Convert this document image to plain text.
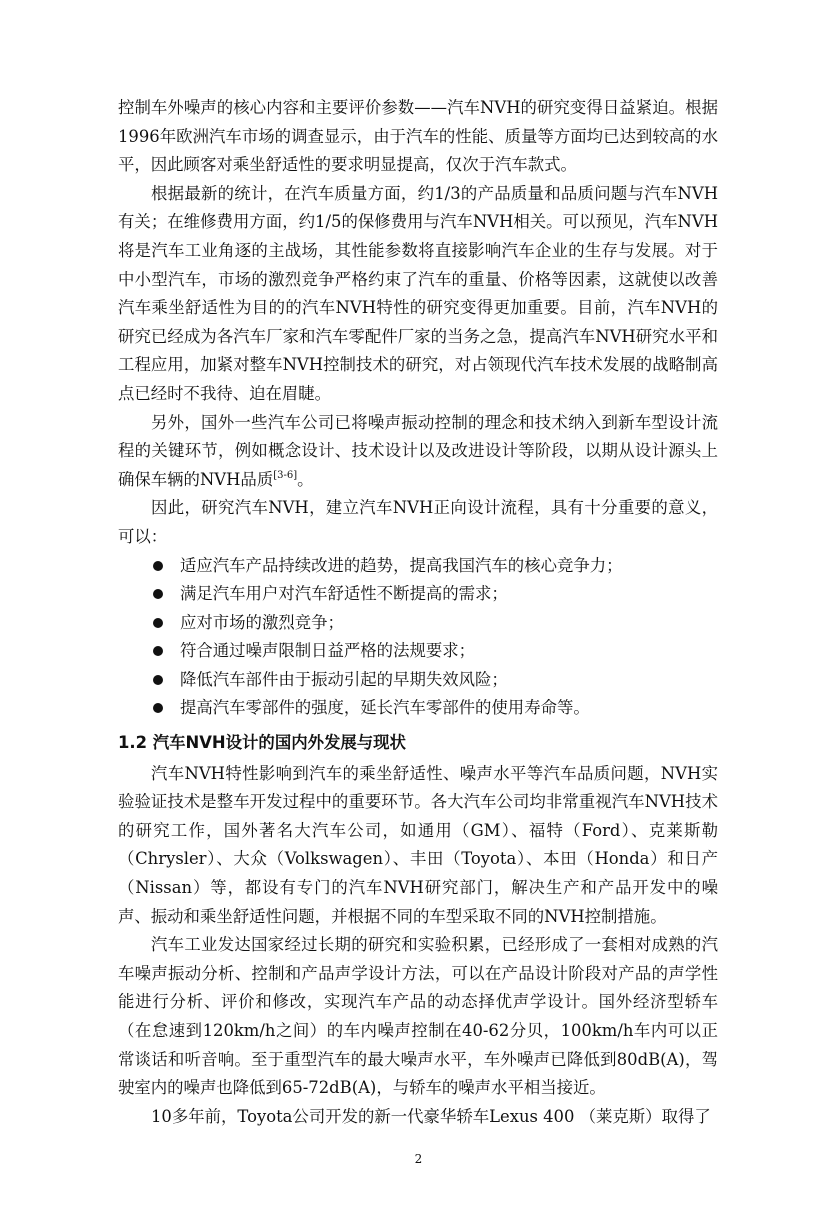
控制车外噪声的核心内容和主要评价参数——汽车NVH的研究变得日益紧迫。根据1996年欧洲汽车市场的调查显示，由于汽车的性能、质量等方面均已达到较高的水平，因此顾客对乘坐舒适性的要求明显提高，仅次于汽车款式。

根据最新的统计，在汽车质量方面，约1/3的产品质量和品质问题与汽车NVH有关；在维修费用方面，约1/5的保修费用与汽车NVH相关。可以预见，汽车NVH将是汽车工业角逐的主战场，其性能参数将直接影响汽车企业的生存与发展。对于中小型汽车，市场的激烈竞争严格约束了汽车的重量、价格等因素，这就使以改善汽车乘坐舒适性为目的的汽车NVH特性的研究变得更加重要。目前，汽车NVH的研究已经成为各汽车厂家和汽车零配件厂家的当务之急，提高汽车NVH研究水平和工程应用，加紧对整车NVH控制技术的研究，对占领现代汽车技术发展的战略制高点已经时不我待、迫在眉睫。

另外，国外一些汽车公司已将噪声振动控制的理念和技术纳入到新车型设计流程的关键环节，例如概念设计、技术设计以及改进设计等阶段，以期从设计源头上确保车辆的NVH品质[3-6]。

因此，研究汽车NVH，建立汽车NVH正向设计流程，具有十分重要的意义，可以：

适应汽车产品持续改进的趋势，提高我国汽车的核心竞争力；
满足汽车用户对汽车舒适性不断提高的需求；
应对市场的激烈竞争；
符合通过噪声限制日益严格的法规要求；
降低汽车部件由于振动引起的早期失效风险；
提高汽车零部件的强度，延长汽车零部件的使用寿命等。
1.2 汽车NVH设计的国内外发展与现状

汽车NVH特性影响到汽车的乘坐舒适性、噪声水平等汽车品质问题，NVH实验验证技术是整车开发过程中的重要环节。各大汽车公司均非常重视汽车NVH技术的研究工作，国外著名大汽车公司，如通用（GM）、福特（Ford）、克莱斯勒（Chrysler）、大众（Volkswagen）、丰田（Toyota）、本田（Honda）和日产（Nissan）等，都设有专门的汽车NVH研究部门，解决生产和产品开发中的噪声、振动和乘坐舒适性问题，并根据不同的车型采取不同的NVH控制措施。

汽车工业发达国家经过长期的研究和实验积累，已经形成了一套相对成熟的汽车噪声振动分析、控制和产品声学设计方法，可以在产品设计阶段对产品的声学性能进行分析、评价和修改，实现汽车产品的动态择优声学设计。国外经济型轿车（在怠速到120km/h之间）的车内噪声控制在40-62分贝，100km/h车内可以正常谈话和听音响。至于重型汽车的最大噪声水平，车外噪声已降低到80dB(A)，驾驶室内的噪声也降低到65-72dB(A)，与轿车的噪声水平相当接近。

10多年前，Toyota公司开发的新一代豪华轿车Lexus 400 （莱克斯）取得了

2
